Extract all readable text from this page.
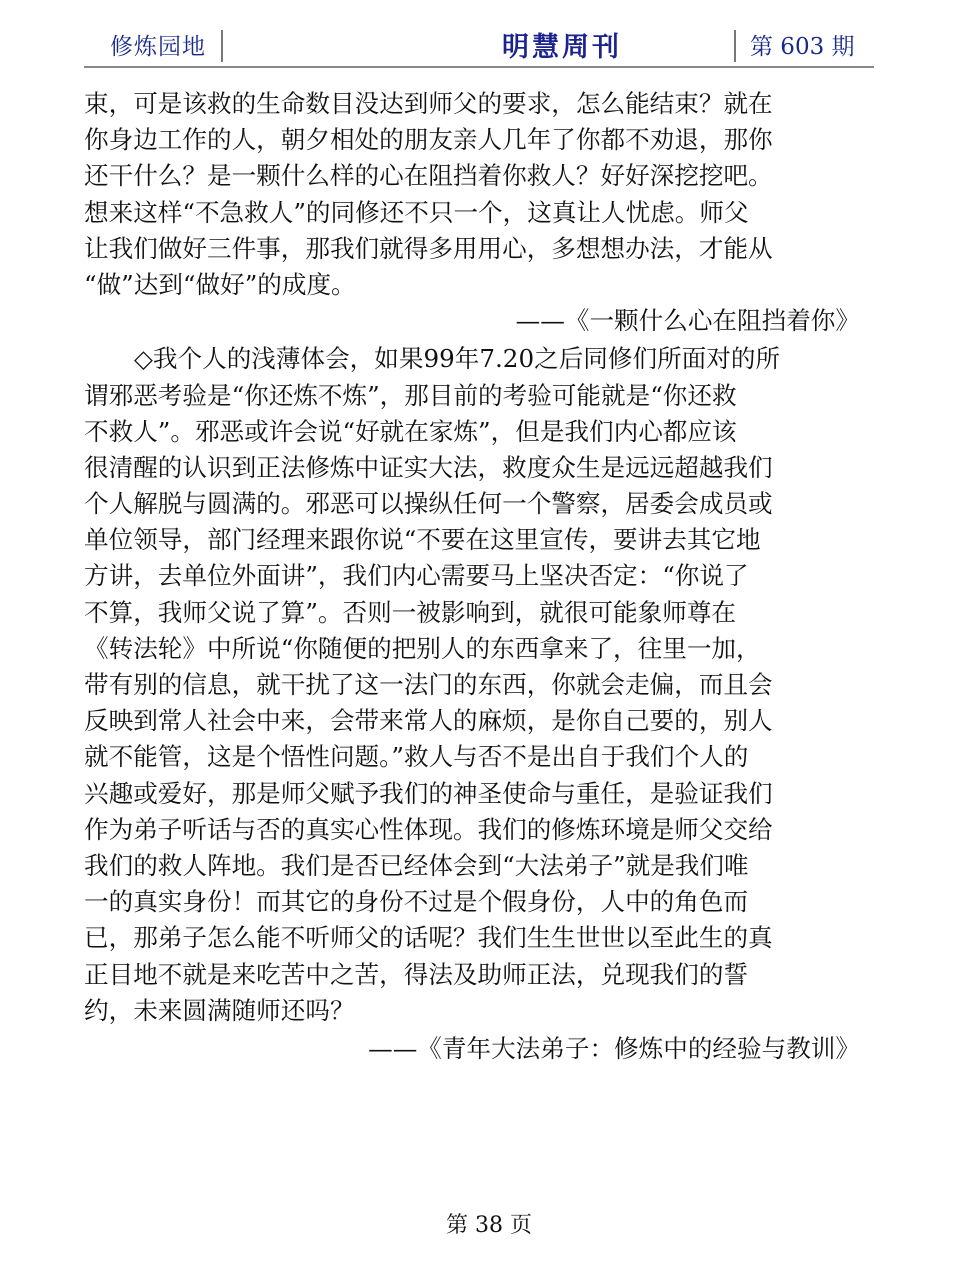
修炼园地	明慧周刊	第 603 期
束，可是该救的生命数目没达到师父的要求，怎么能结束？就在
你身边工作的人，朝夕相处的朋友亲人几年了你都不劝退，那你
还干什么？是一颗什么样的心在阻挡着你救人？好好深挖挖吧。
想来这样“不急救人”的同修还不只一个，这真让人忧虑。师父
让我们做好三件事，那我们就得多用用心，多想想办法，才能从
“做”达到“做好”的成度。
——《一颗什么心在阻挡着你》
◇我个人的浅薄体会，如果99年7.20之后同修们所面对的所
谓邪恶考验是“你还炼不炼”，那目前的考验可能就是“你还救
不救人”。邪恶或许会说“好就在家炼”，但是我们内心都应该
很清醒的认识到正法修炼中证实大法，救度众生是远远超越我们
个人解脱与圆满的。邪恶可以操纵任何一个警察，居委会成员或
单位领导，部门经理来跟你说“不要在这里宣传，要讲去其它地
方讲，去单位外面讲”，我们内心需要马上坚决否定：“你说了
不算，我师父说了算”。否则一被影响到，就很可能象师尊在
《转法轮》中所说“你随便的把别人的东西拿来了，往里一加，
带有别的信息，就干扰了这一法门的东西，你就会走偏，而且会
反映到常人社会中来，会带来常人的麻烦，是你自己要的，别人
就不能管，这是个悟性问题。”救人与否不是出自于我们个人的
兴趣或爱好，那是师父赋予我们的神圣使命与重任，是验证我们
作为弟子听话与否的真实心性体现。我们的修炼环境是师父交给
我们的救人阵地。我们是否已经体会到“大法弟子”就是我们唯
一的真实身份！而其它的身份不过是个假身份，人中的角色而
已，那弟子怎么能不听师父的话呢？我们生生世世以至此生的真
正目地不就是来吃苦中之苦，得法及助师正法，兑现我们的誓
约，未来圆满随师还吗？
——《青年大法弟子：修炼中的经验与教训》
第 38 页
